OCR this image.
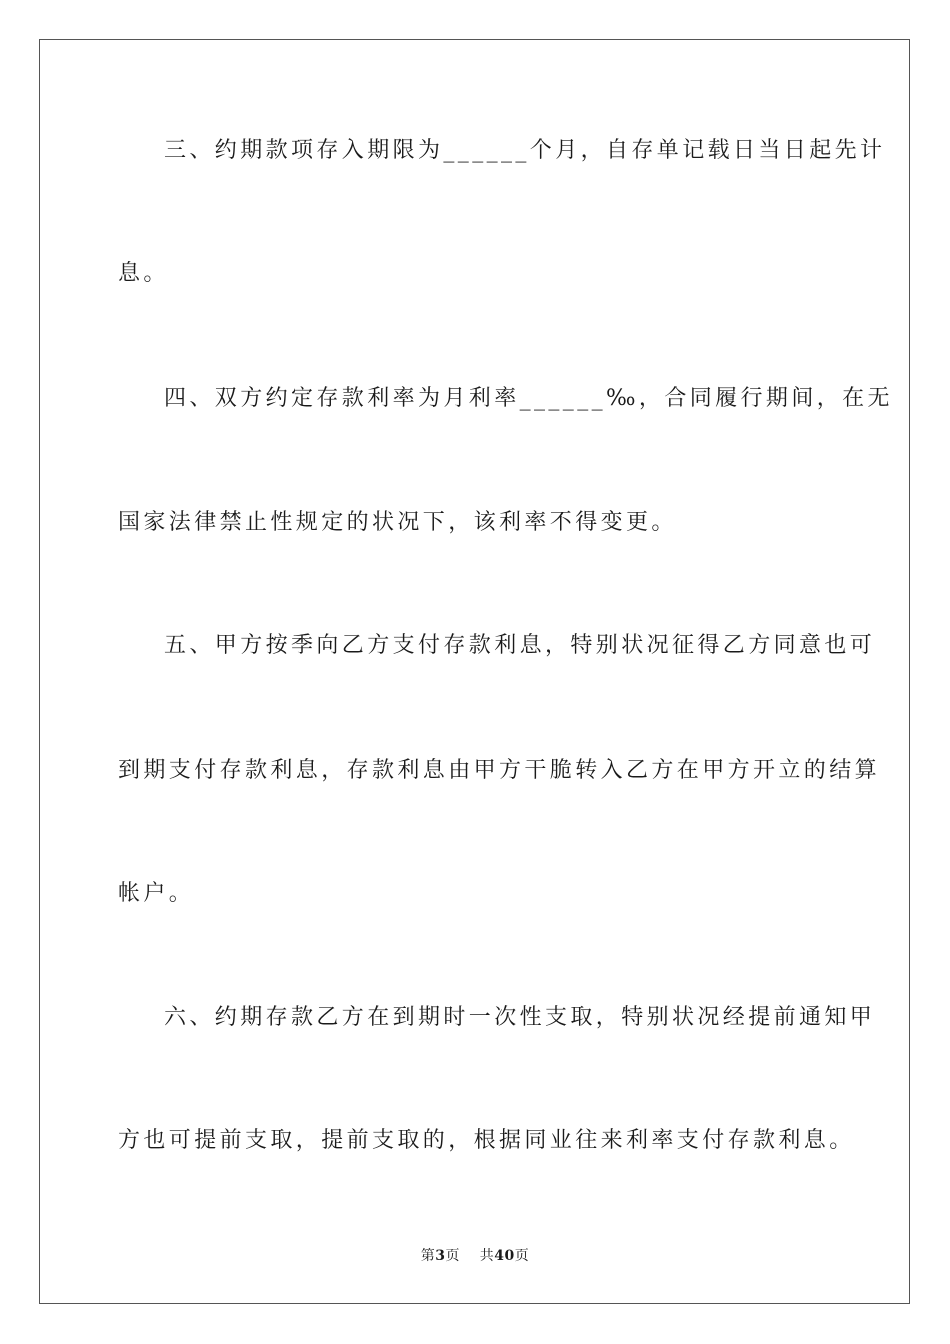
三、约期款项存入期限为______个月，自存单记载日当日起先计
息。
四、双方约定存款利率为月利率______‰，合同履行期间，在无
国家法律禁止性规定的状况下，该利率不得变更。
五、甲方按季向乙方支付存款利息，特别状况征得乙方同意也可
到期支付存款利息，存款利息由甲方干脆转入乙方在甲方开立的结算
帐户。
六、约期存款乙方在到期时一次性支取，特别状况经提前通知甲
方也可提前支取，提前支取的，根据同业往来利率支付存款利息。
第3页 共40页
